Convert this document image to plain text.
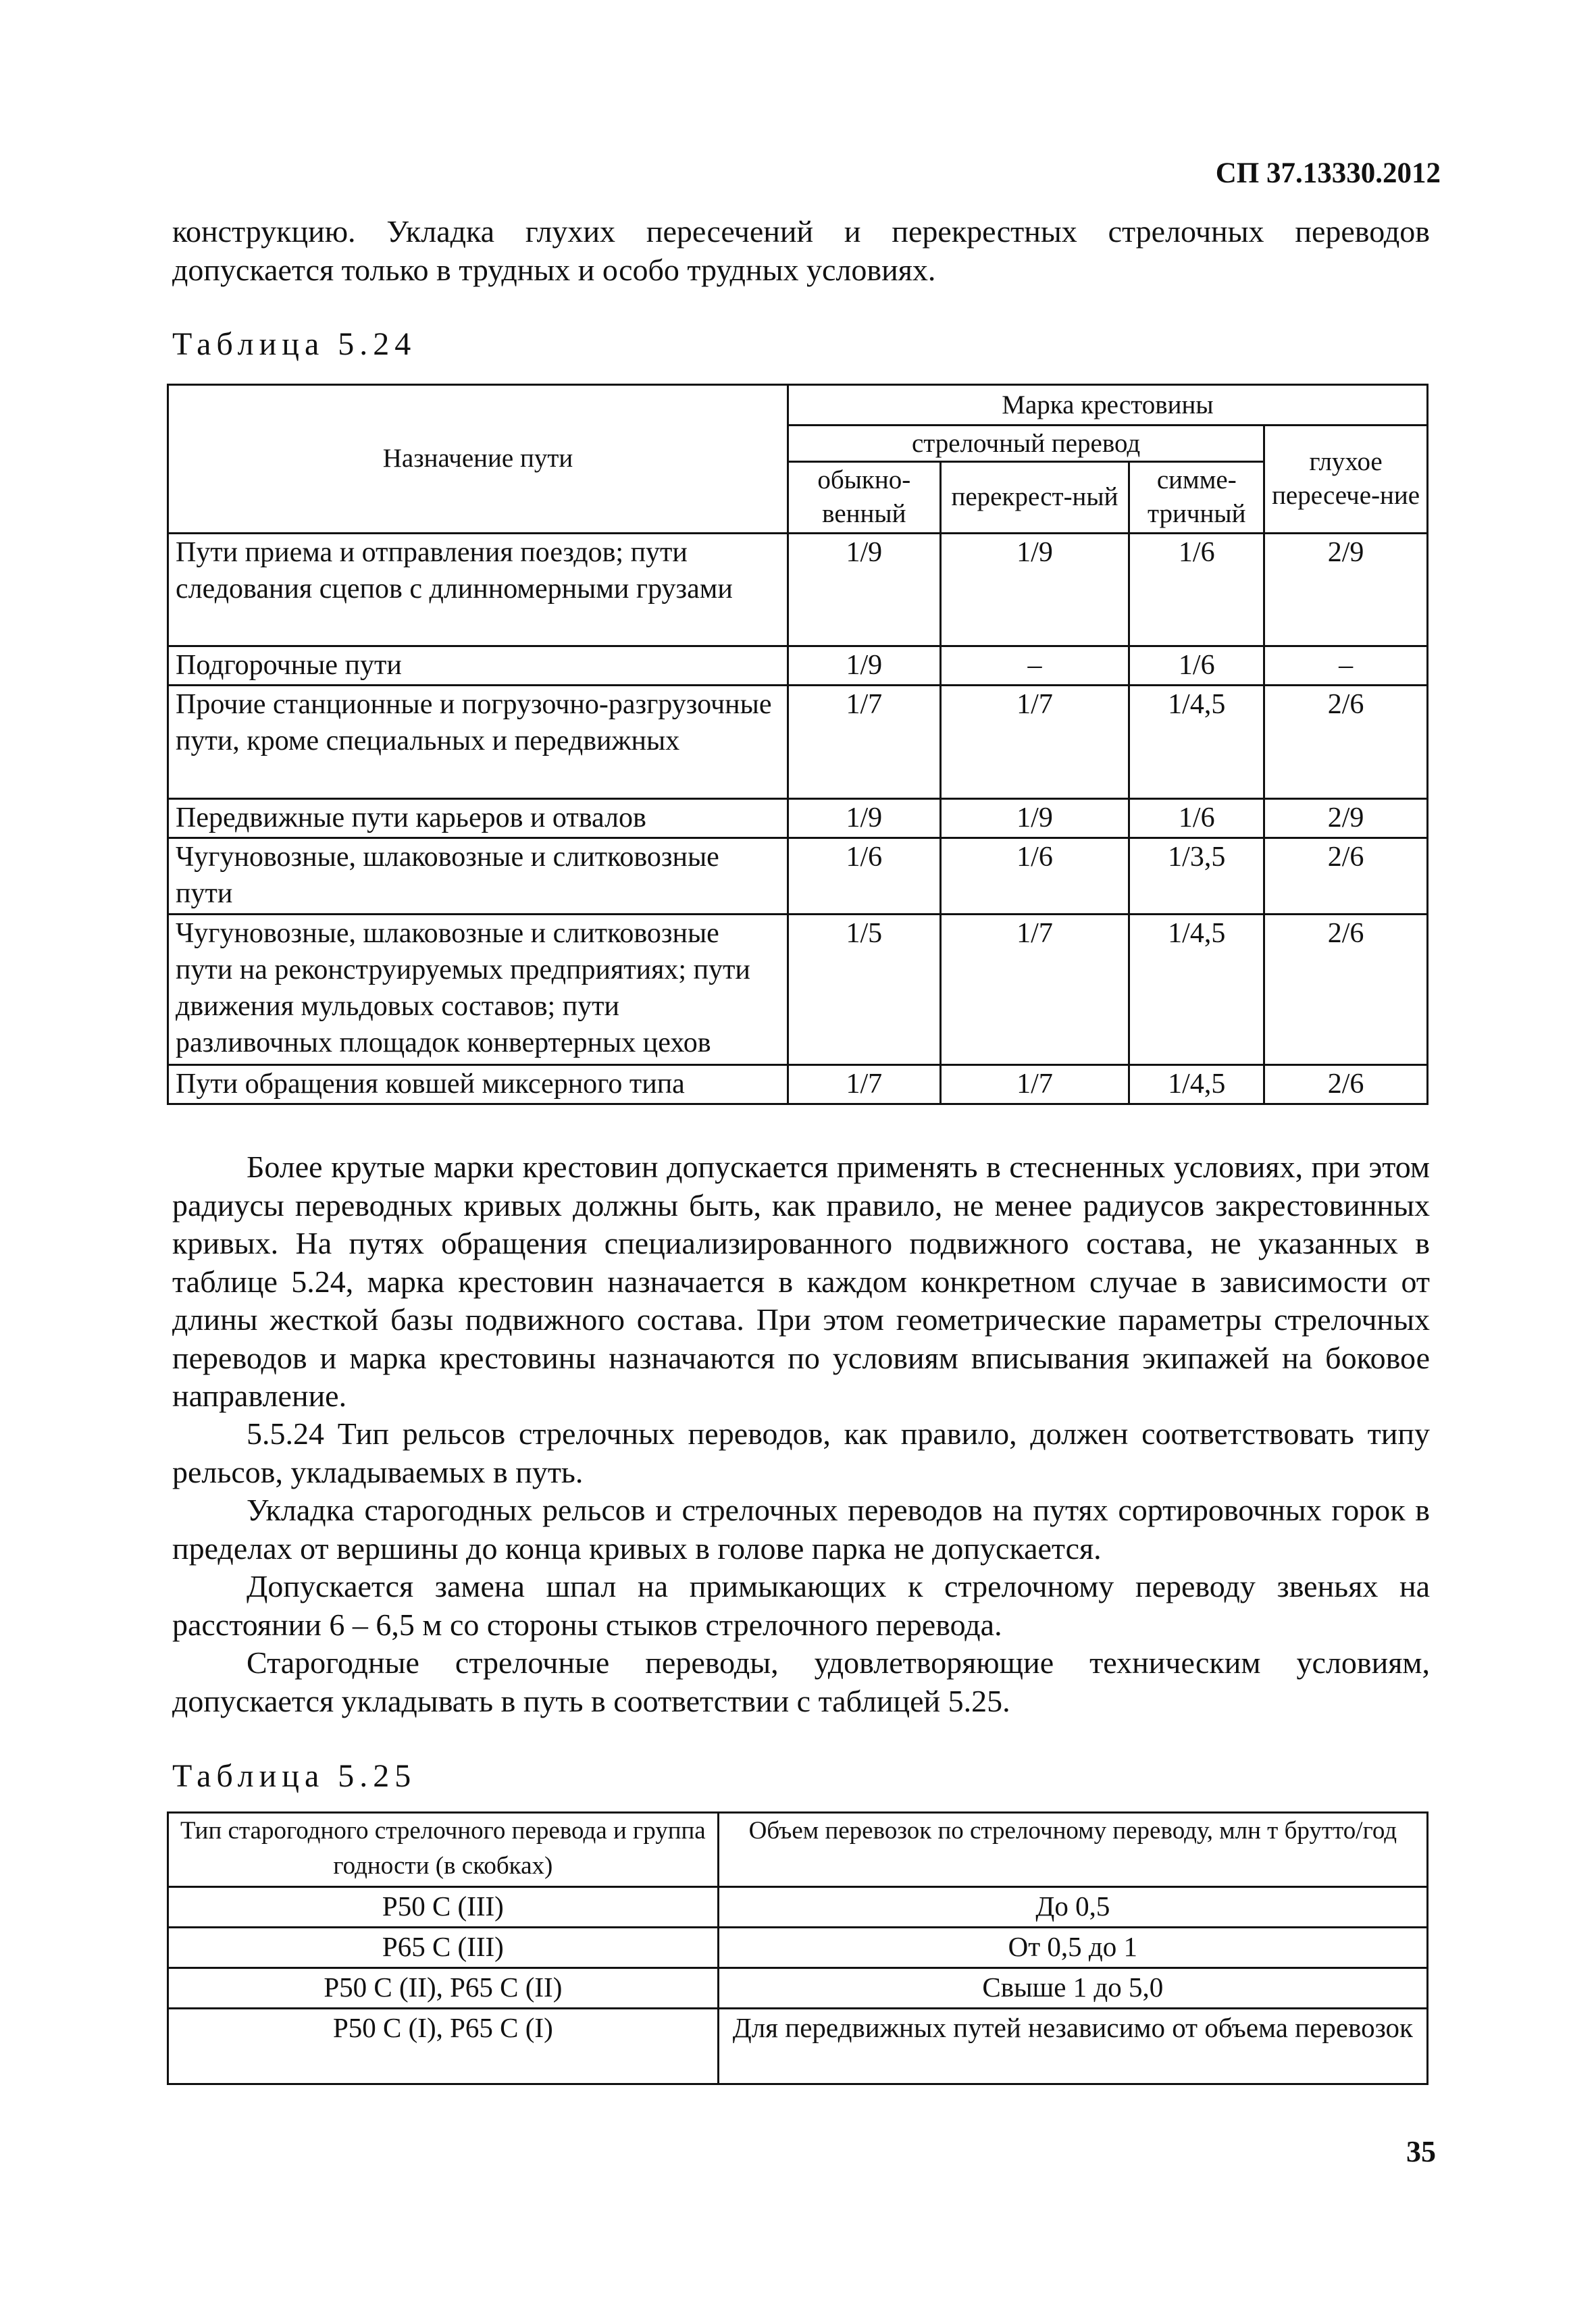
СП 37.13330.2012

конструкцию. Укладка глухих пересечений и перекрестных стрелочных переводов допускается только в трудных и особо трудных условиях.

Таблица 5.24
Назначение пути	Марка крестовины			
	стрелочный перевод			глухое пересече-ние
	обыкно-венный	перекрест-ный	симме-тричный	
Пути приема и отправления поездов; пути следования сцепов с длинномерными грузами	1/9	1/9	1/6	2/9
Подгорочные пути	1/9	–	1/6	–
Прочие станционные и погрузочно-разгрузочные пути, кроме специальных и передвижных	1/7	1/7	1/4,5	2/6
Передвижные пути карьеров и отвалов	1/9	1/9	1/6	2/9
Чугуновозные, шлаковозные и слитковозные пути	1/6	1/6	1/3,5	2/6
Чугуновозные, шлаковозные и слитковозные пути на реконструируемых предприятиях; пути движения мульдовых составов; пути разливочных площадок конвертерных цехов	1/5	1/7	1/4,5	2/6
Пути обращения ковшей миксерного типа	1/7	1/7	1/4,5	2/6

Более крутые марки крестовин допускается применять в стесненных условиях, при этом радиусы переводных кривых должны быть, как правило, не менее радиусов закрестовинных кривых. На путях обращения специализированного подвижного состава, не указанных в таблице 5.24, марка крестовин назначается в каждом конкретном случае в зависимости от длины жесткой базы подвижного состава. При этом геометрические параметры стрелочных переводов и марка крестовины назначаются по условиям вписывания экипажей на боковое направление.

5.5.24 Тип рельсов стрелочных переводов, как правило, должен соответствовать типу рельсов, укладываемых в путь.

Укладка старогодных рельсов и стрелочных переводов на путях сортировочных горок в пределах от вершины до конца кривых в голове парка не допускается.

Допускается замена шпал на примыкающих к стрелочному переводу звеньях на расстоянии 6 – 6,5 м со стороны стыков стрелочного перевода.

Старогодные стрелочные переводы, удовлетворяющие техническим условиям, допускается укладывать в путь в соответствии с таблицей 5.25.

Таблица 5.25
Тип старогодного стрелочного перевода и группа годности (в скобках)	Объем перевозок по стрелочному переводу, млн т брутто/год
Р50 С (III)	До 0,5
Р65 С (III)	От 0,5 до 1
Р50 С (II), Р65 С (II)	Свыше 1 до 5,0
Р50 С (I), Р65 С (I)	Для передвижных путей независимо от объема перевозок
35
